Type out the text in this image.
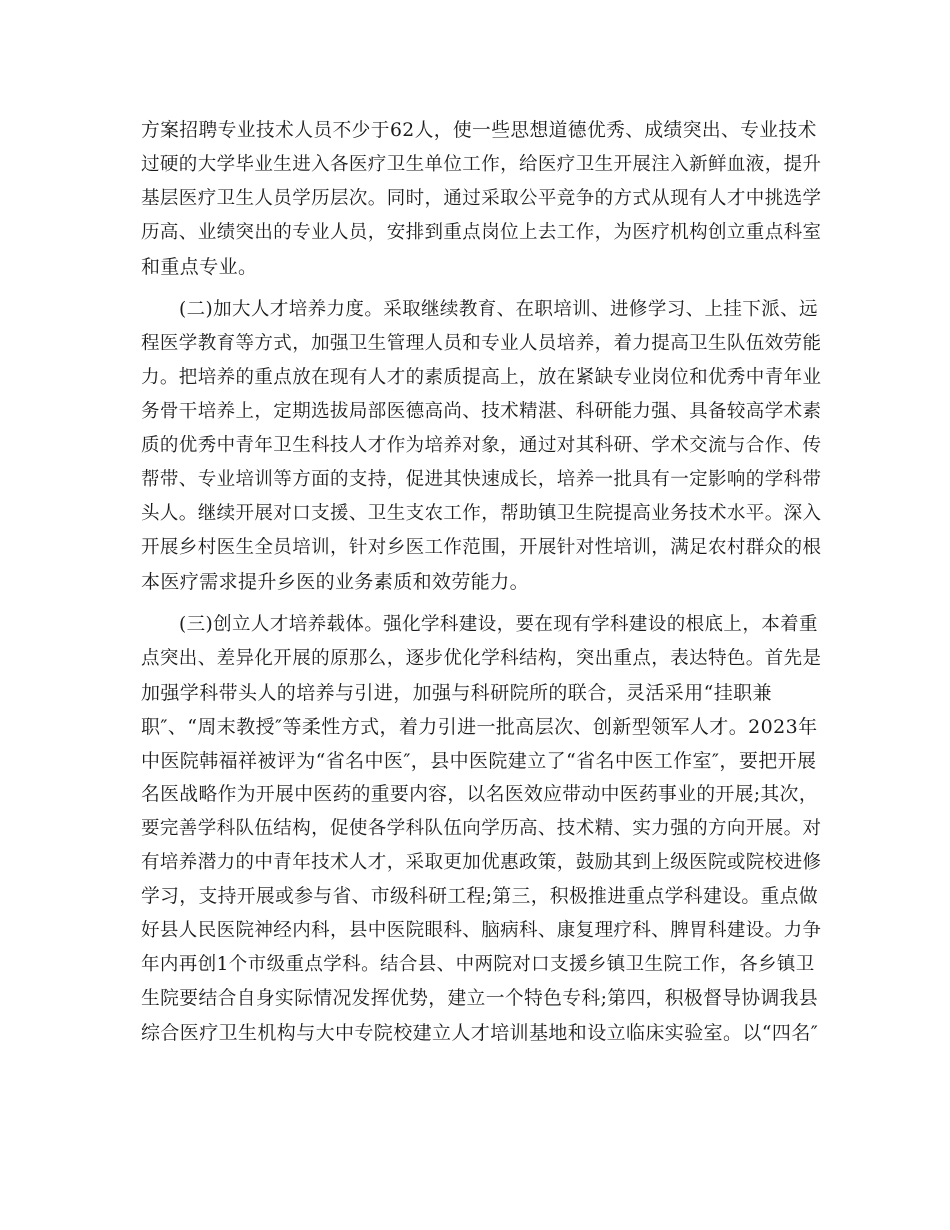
方案招聘专业技术人员不少于62人，使一些思想道德优秀、成绩突出、专业技术
过硬的大学毕业生进入各医疗卫生单位工作，给医疗卫生开展注入新鲜血液，提升
基层医疗卫生人员学历层次。同时，通过采取公平竞争的方式从现有人才中挑选学
历高、业绩突出的专业人员，安排到重点岗位上去工作，为医疗机构创立重点科室
和重点专业。
(二)加大人才培养力度。采取继续教育、在职培训、进修学习、上挂下派、远
程医学教育等方式，加强卫生管理人员和专业人员培养，着力提高卫生队伍效劳能
力。把培养的重点放在现有人才的素质提高上，放在紧缺专业岗位和优秀中青年业
务骨干培养上，定期选拔局部医德高尚、技术精湛、科研能力强、具备较高学术素
质的优秀中青年卫生科技人才作为培养对象，通过对其科研、学术交流与合作、传
帮带、专业培训等方面的支持，促进其快速成长，培养一批具有一定影响的学科带
头人。继续开展对口支援、卫生支农工作，帮助镇卫生院提高业务技术水平。深入
开展乡村医生全员培训，针对乡医工作范围，开展针对性培训，满足农村群众的根
本医疗需求提升乡医的业务素质和效劳能力。
(三)创立人才培养载体。强化学科建设，要在现有学科建设的根底上，本着重
点突出、差异化开展的原那么，逐步优化学科结构，突出重点，表达特色。首先是
加强学科带头人的培养与引进，加强与科研院所的联合，灵活采用“挂职兼
职″、“周末教授″等柔性方式，着力引进一批高层次、创新型领军人才。2023年
中医院韩福祥被评为“省名中医″，县中医院建立了“省名中医工作室″，要把开展
名医战略作为开展中医药的重要内容，以名医效应带动中医药事业的开展;其次，
要完善学科队伍结构，促使各学科队伍向学历高、技术精、实力强的方向开展。对
有培养潜力的中青年技术人才，采取更加优惠政策，鼓励其到上级医院或院校进修
学习，支持开展或参与省、市级科研工程;第三，积极推进重点学科建设。重点做
好县人民医院神经内科，县中医院眼科、脑病科、康复理疗科、脾胃科建设。力争
年内再创1个市级重点学科。结合县、中两院对口支援乡镇卫生院工作，各乡镇卫
生院要结合自身实际情况发挥优势，建立一个特色专科;第四，积极督导协调我县
综合医疗卫生机构与大中专院校建立人才培训基地和设立临床实验室。以“四名″
